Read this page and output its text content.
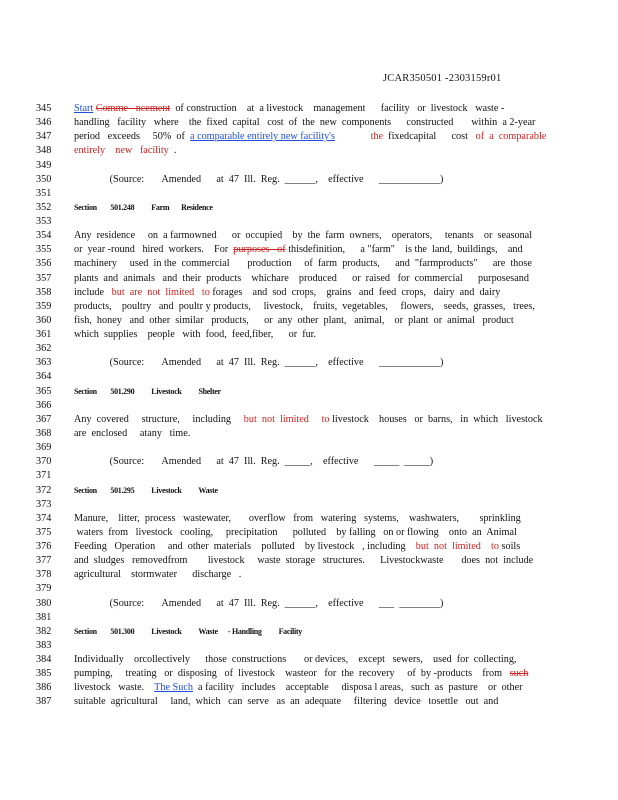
JCAR350501 -2303159r01
345	Start Comme   ncement  of construction    at  a livestock    management      facility   or  livestock   waste -
346	handling   facility   where    the  fixed  capital   cost  of  the  new  components      constructed       within  a 2-year
347	period   exceeds     50%  of  a comparable entirely new facility's	the  fixedcapital      cost   of  a  comparable
348	entirely    new   facility  .
349
350	(Source:       Amended      at  47  Ill.  Reg.  ______,    effective      ____________)
351
352	Section        501.248          Farm       Residence
353
354	Any  residence     on  a farmowned      or  occupied    by  the  farm  owners,    operators,     tenants    or  seasonal
355	or  year -round   hired  workers.    For  purposes   of thisdefinition,      a "farm"    is the  land,  buildings,    and
356	machinery     used  in the  commercial       production     of  farm  products,      and  "farmproducts"      are  those
357	plants  and  animals   and  their  products    whichare    produced      or  raised   for  commercial      purposesand
358	include   but  are  not  limited   to forages    and  sod  crops,    grains   and  feed  crops,   dairy  and  dairy
359	products,    poultry   and  poultr y products,     livestock,    fruits,  vegetables,     flowers,    seeds,  grasses,   trees,
360	fish,  honey   and  other  similar   products,      or  any  other  plant,   animal,    or  plant  or  animal   product
361	which  supplies    people   with  food,  feed,fiber,      or  fur.
362
363	(Source:       Amended      at  47  Ill.  Reg.  ______,    effective      ____________)
364
365	Section        501.290          Livestock          Shelter
366
367	Any  covered     structure,     including     but  not  limited     to livestock    houses   or  barns,   in  which   livestock
368	are  enclosed     atany   time.
369
370	(Source:       Amended      at  47  Ill.  Reg.  _____,    effective      _____  _____)
371
372	Section        501.295          Livestock          Waste
373
374	Manure,    litter,  process   wastewater,       overflow   from   watering   systems,    washwaters,        sprinkling
375	waters  from   livestock   cooling,     precipitation      polluted    by falling   on or flowing    onto  an  Animal
376	Feeding   Operation     and  other  materials    polluted    by livestock   , including    but  not  limited    to soils
377	and  sludges   removedfrom        livestock     waste  storage   structures.      Livestockwaste       does  not  include
378	agricultural    stormwater      discharge   .
379
380	(Source:       Amended      at  47  Ill.  Reg.  ______,    effective      ___  ________)
381
382	Section        501.300          Livestock          Waste      - Handling          Facility
383
384	Individually    orcollectively      those  constructions       or devices,    except   sewers,    used  for  collecting,
385	pumping,     treating   or  disposing   of  livestock    wasteor   for  the  recovery     of  by -products    from   such
386	livestock   waste.    The Such  a facility   includes    acceptable     disposa l areas,   such  as  pasture    or  other
387	suitable  agricultural     land,  which   can  serve   as  an  adequate     filtering   device   tosettle   out  and
